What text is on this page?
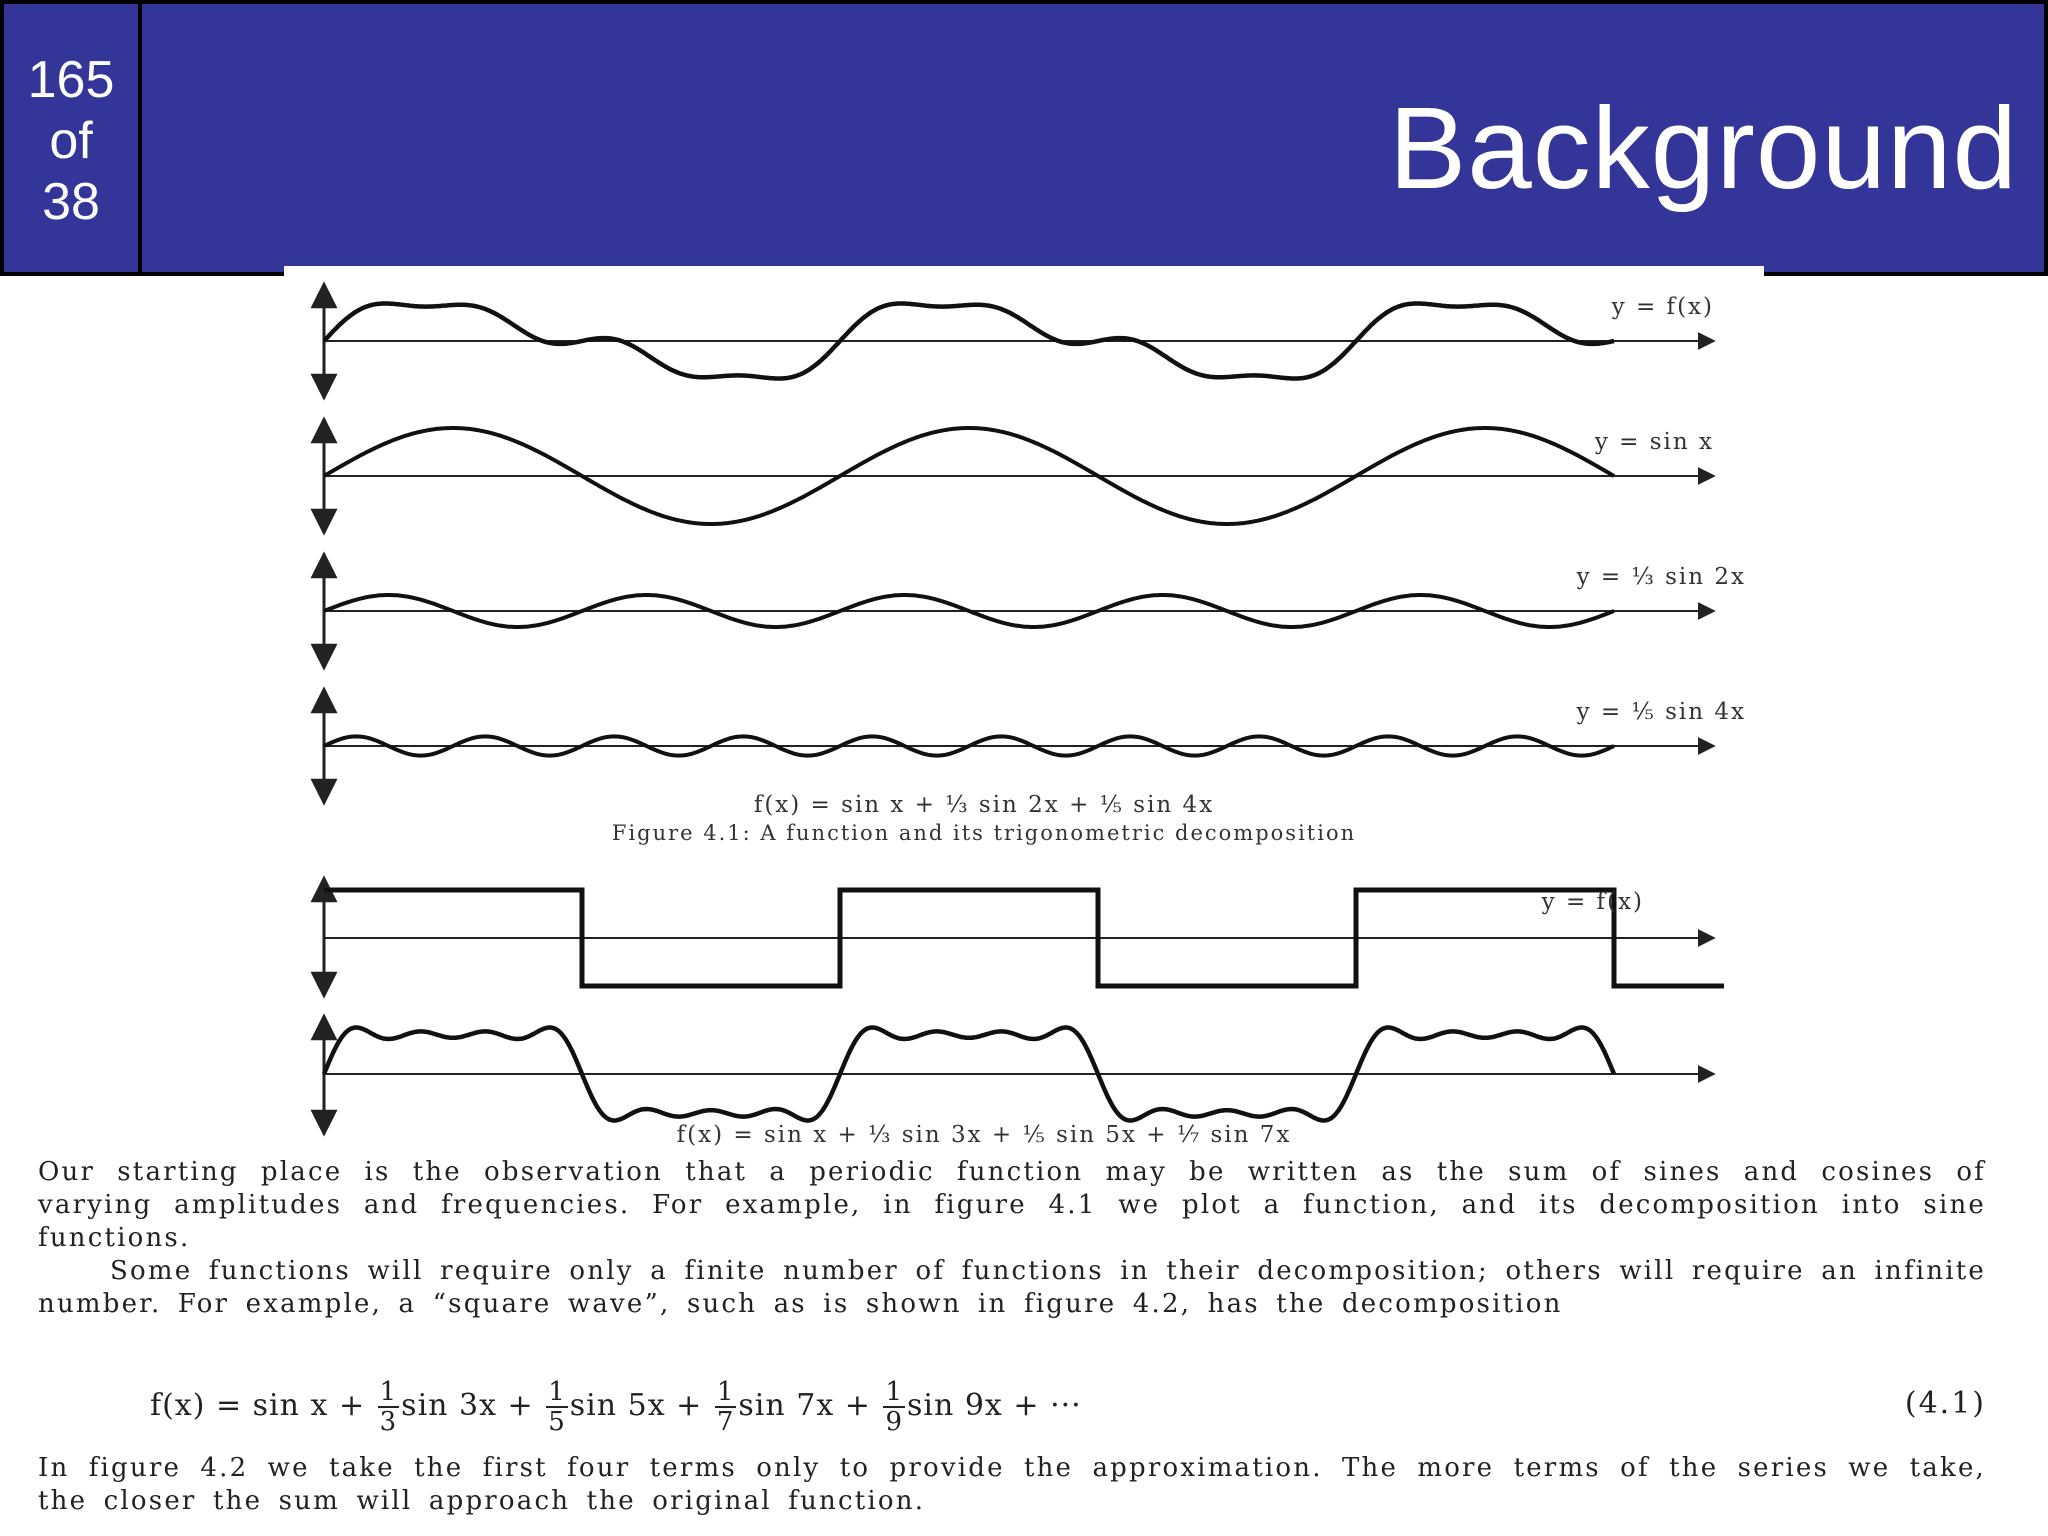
165
of
38	Background
y = f(x)
y = sin x
y = ⅓ sin 2x
y = ⅕ sin 4x
f(x) = sin x + ⅓ sin 2x + ⅕ sin 4x
Figure 4.1: A function and its trigonometric decomposition
y = f(x)
f(x) = sin x + ⅓ sin 3x + ⅕ sin 5x + ⅐ sin 7x
Our starting place is the observation that a periodic function may be written as the sum of sines and cosines of varying amplitudes and frequencies. For example, in figure 4.1 we plot a function, and its decomposition into sine functions.
Some functions will require only a finite number of functions in their decomposition; others will require an infinite number. For example, a “square wave”, such as is shown in figure 4.2, has the decomposition
$f(x) = \sin x + \frac{1}{3}$ $\sin 3x + \frac{1}{5}$ $\sin 5x + \frac{1}{7}$ $\sin 7x + \frac{1}{9}$ sin 9x + ···	(4.1)
In figure 4.2 we take the first four terms only to provide the approximation. The more terms of the series we take, the closer the sum will approach the original function.
